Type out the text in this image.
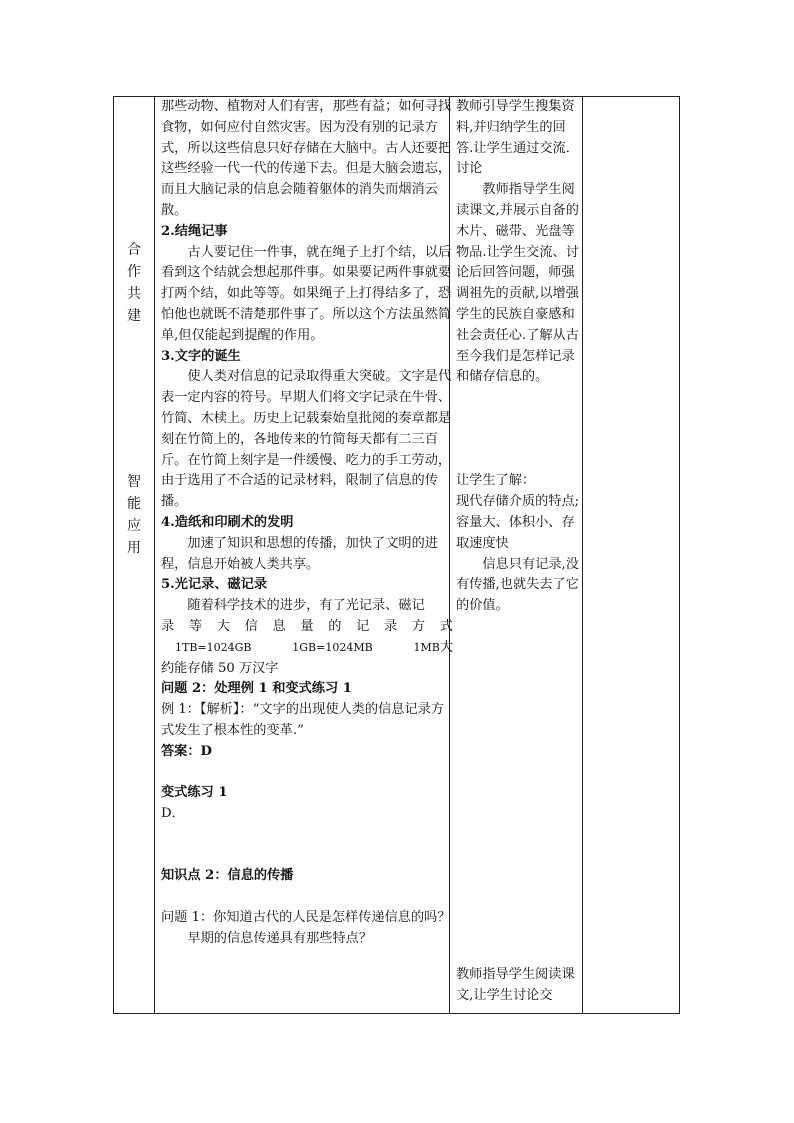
合
作
共
建
智
能
应
用

那些动物、植物对人们有害，那些有益；如何寻找食物，如何应付自然灾害。因为没有别的记录方式，所以这些信息只好存储在大脑中。古人还要把这些经验一代一代的传递下去。但是大脑会遗忘，而且大脑记录的信息会随着躯体的消失而烟消云散。

2.结绳记事

古人要记住一件事，就在绳子上打个结，以后看到这个结就会想起那件事。如果要记两件事就要打两个结，如此等等。如果绳子上打得结多了，恐怕他也就既不清楚那件事了。所以这个方法虽然简单,但仅能起到提醒的作用。

3.文字的诞生

使人类对信息的记录取得重大突破。文字是代表一定内容的符号。早期人们将文字记录在牛骨、竹简、木椟上。历史上记载秦始皇批阅的奏章都是刻在竹简上的，各地传来的竹简每天都有二三百斤。在竹简上刻字是一件缓慢、吃力的手工劳动，由于选用了不合适的记录材料，限制了信息的传播。

4.造纸和印刷术的发明

加速了知识和思想的传播，加快了文明的进程，信息开始被人类共享。

5.光记录、磁记录

随着科学技术的进步，有了光记录、磁记

录 等 大 信 息 量 的 记 录 方 式

1TB=1024GB	1GB=1024MB	1MB大

约能存储 50 万汉字

问题 2：处理例 1 和变式练习 1

例 1：【解析】：“文字的出现使人类的信息记录方式发生了根本性的变革.”

答案：D

变式练习 1

D．

知识点 2：信息的传播

问题 1：你知道古代的人民是怎样传递信息的吗？早期的信息传递具有那些特点？

教师引导学生搜集资料,并归纳学生的回答.让学生通过交流．讨论

教师指导学生阅读课文,并展示自备的木片、磁带、光盘等物品.让学生交流、讨论后回答问题，师强调祖先的贡献,以增强学生的民族自豪感和社会责任心.了解从古至今我们是怎样记录和储存信息的。

让学生了解：

现代存储介质的特点; 容量大、体积小、存取速度快

信息只有记录,没有传播,也就失去了它的价值。

教师指导学生阅读课文,让学生讨论交
